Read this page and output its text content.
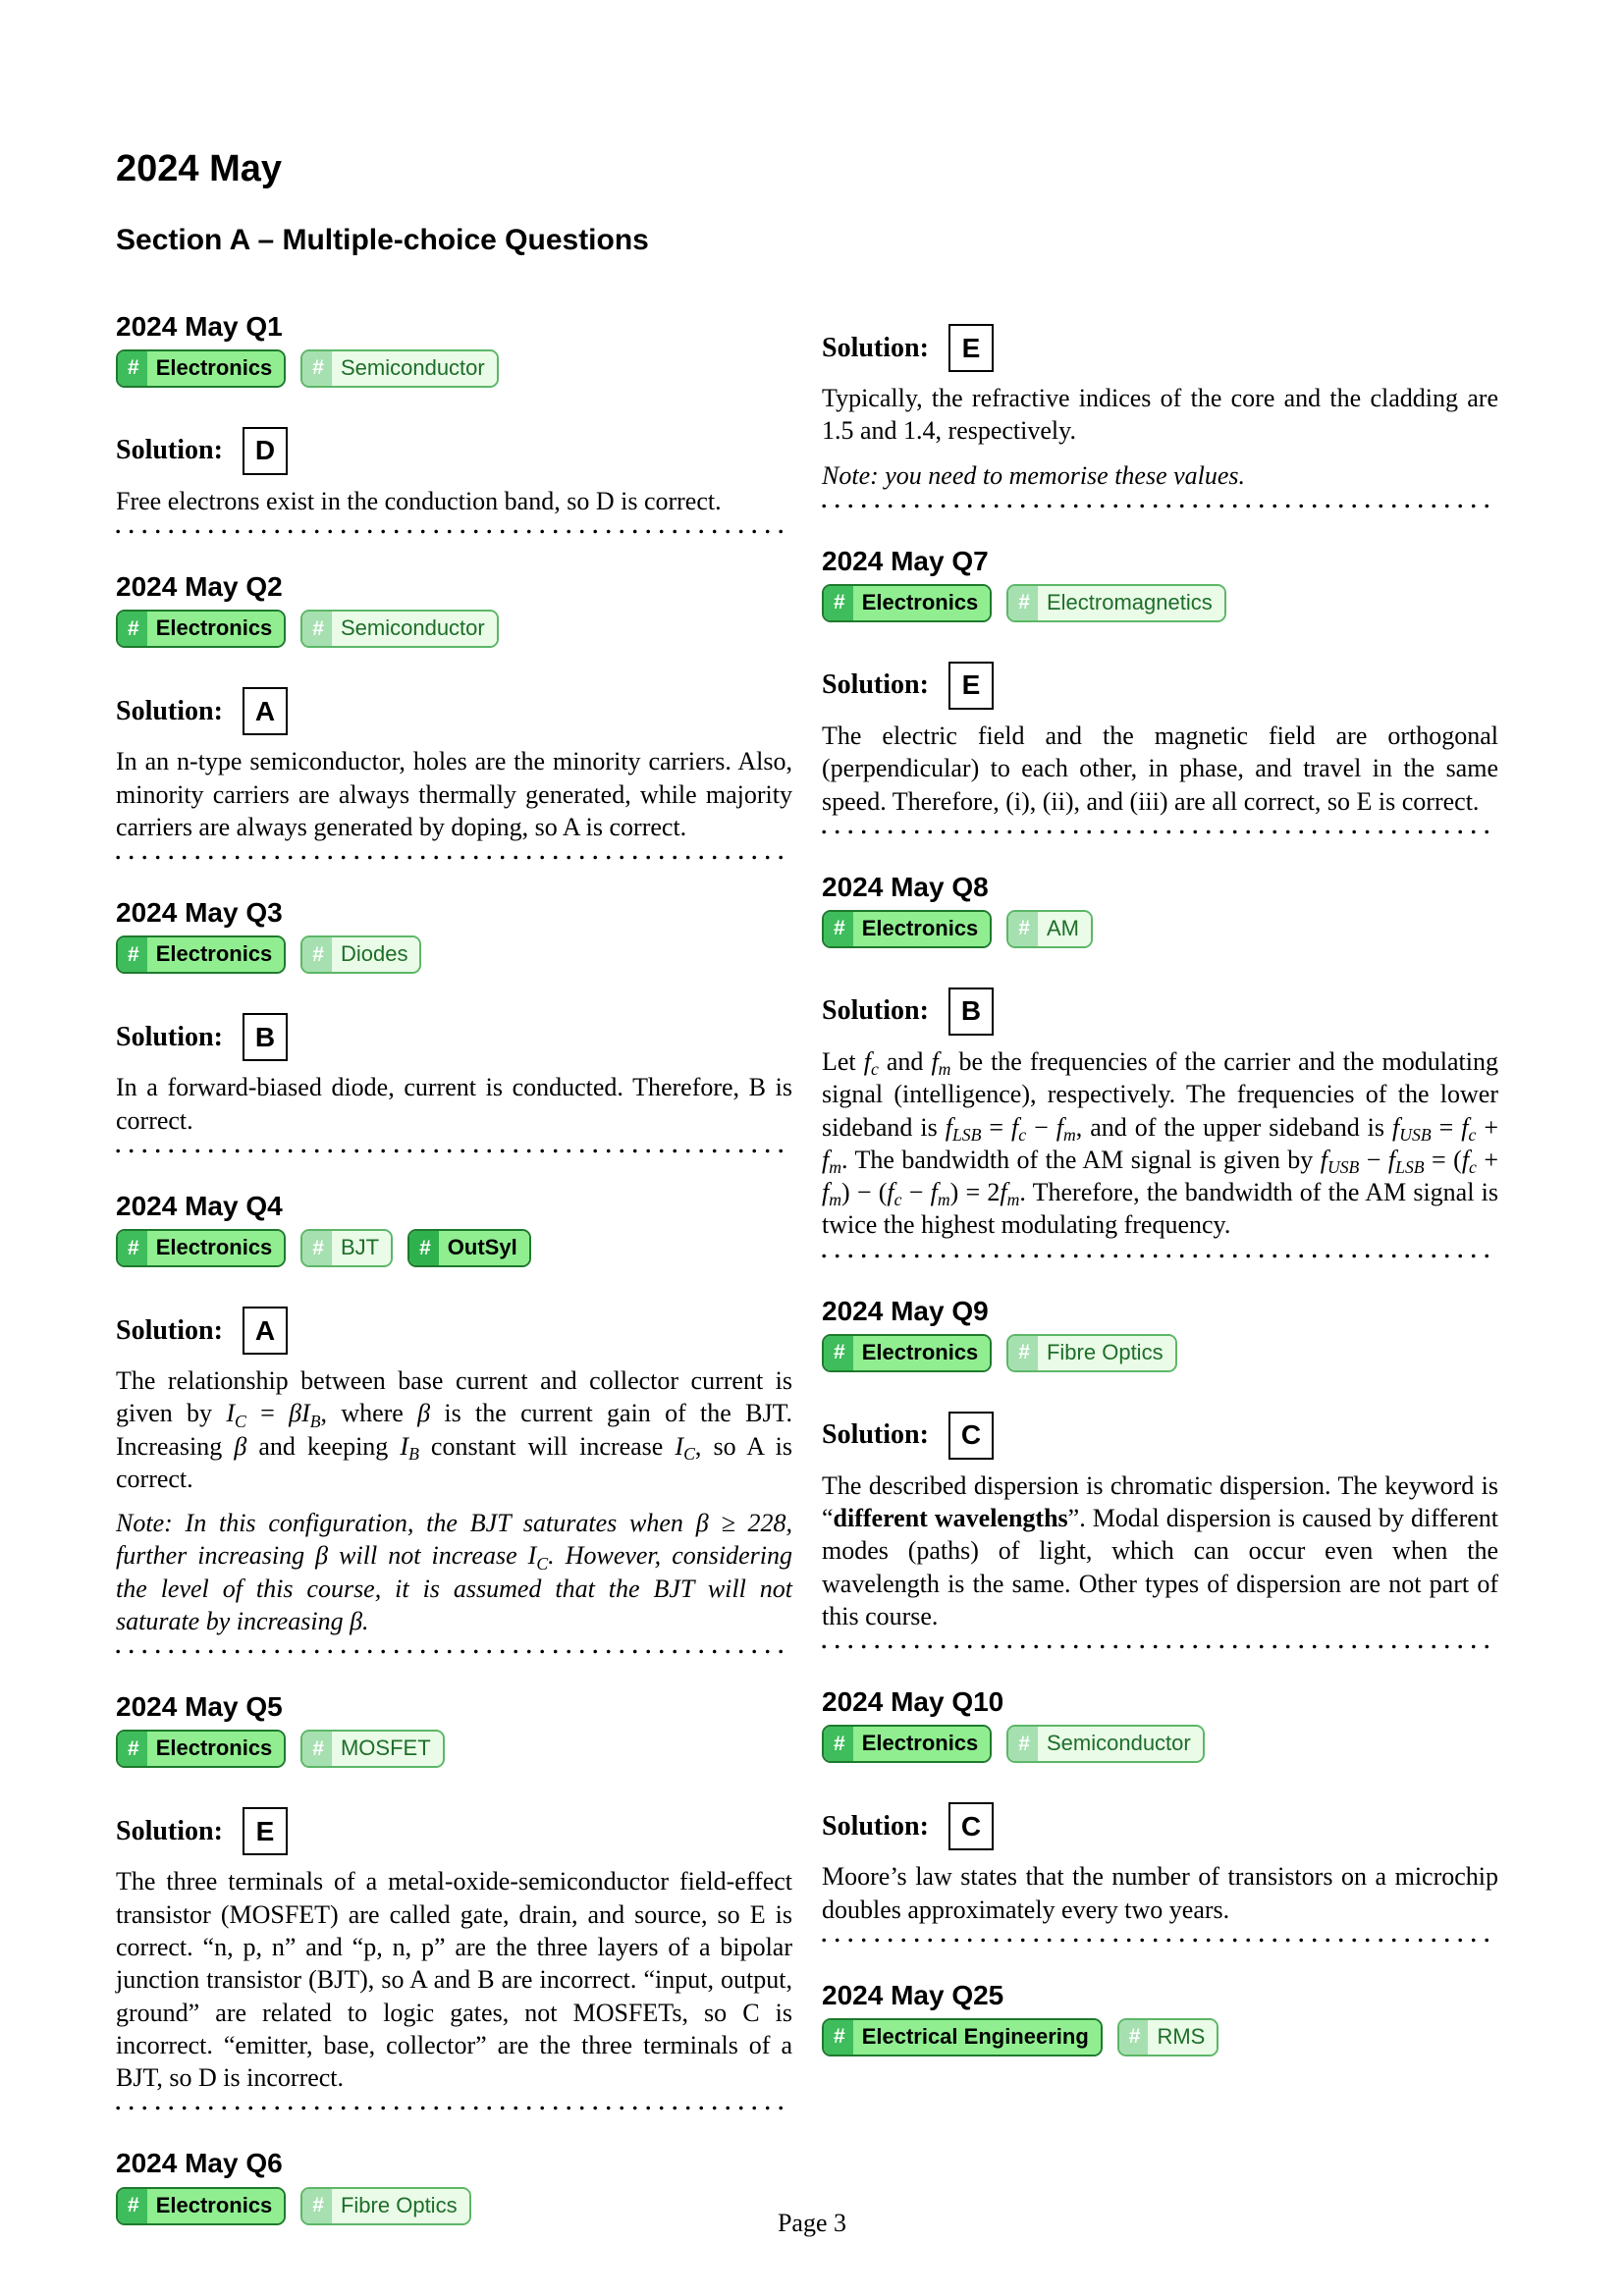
2024 May
Section A – Multiple-choice Questions
2024 May Q1
# Electronics	# Semiconductor
Solution:	D

Free electrons exist in the conduction band, so D is correct.

2024 May Q2
# Electronics	# Semiconductor
Solution:	A

In an n-type semiconductor, holes are the minority carriers. Also, minority carriers are always thermally generated, while majority carriers are always generated by doping, so A is correct.

2024 May Q3
# Electronics	# Diodes
Solution:	B

In a forward-biased diode, current is conducted. Therefore, B is correct.

2024 May Q4
# Electronics	# BJT	# OutSyl
Solution:	A

The relationship between base current and collector current is given by $I_C = \beta I_B$, where β is the current gain of the BJT. Increasing β and keeping $I_B$ constant will increase $I_C$, so A is correct.

Note: In this configuration, the BJT saturates when β ≥ 228, further increasing β will not increase $I_C$. However, considering the level of this course, it is assumed that the BJT will not saturate by increasing β.

2024 May Q5
# Electronics	# MOSFET
Solution:	E

The three terminals of a metal-oxide-semiconductor field-effect transistor (MOSFET) are called gate, drain, and source, so E is correct. “n, p, n” and “p, n, p” are the three layers of a bipolar junction transistor (BJT), so A and B are incorrect. “input, output, ground” are related to logic gates, not MOSFETs, so C is incorrect. “emitter, base, collector” are the three terminals of a BJT, so D is incorrect.

2024 May Q6
# Electronics	# Fibre Optics
Solution:	E

Typically, the refractive indices of the core and the cladding are 1.5 and 1.4, respectively.

Note: you need to memorise these values.

2024 May Q7
# Electronics	# Electromagnetics
Solution:	E

The electric field and the magnetic field are orthogonal (perpendicular) to each other, in phase, and travel in the same speed. Therefore, (i), (ii), and (iii) are all correct, so E is correct.

2024 May Q8
# Electronics	# AM
Solution:	B

Let $f_c$ and $f_m$ be the frequencies of the carrier and the modulating signal (intelligence), respectively. The frequencies of the lower sideband is $f_{LSB} = f_c - f_m$, and of the upper sideband is $f_{USB} = f_c + f_m$. The bandwidth of the AM signal is given by $f_{USB} - f_{LSB} = (f_c + f_m) - (f_c - f_m) = 2f_m$. Therefore, the bandwidth of the AM signal is twice the highest modulating frequency.

2024 May Q9
# Electronics	# Fibre Optics
Solution:	C

The described dispersion is chromatic dispersion. The keyword is “different wavelengths”. Modal dispersion is caused by different modes (paths) of light, which can occur even when the wavelength is the same. Other types of dispersion are not part of this course.

2024 May Q10
# Electronics	# Semiconductor
Solution:	C

Moore’s law states that the number of transistors on a microchip doubles approximately every two years.

2024 May Q25
# Electrical Engineering	# RMS
Page 3
